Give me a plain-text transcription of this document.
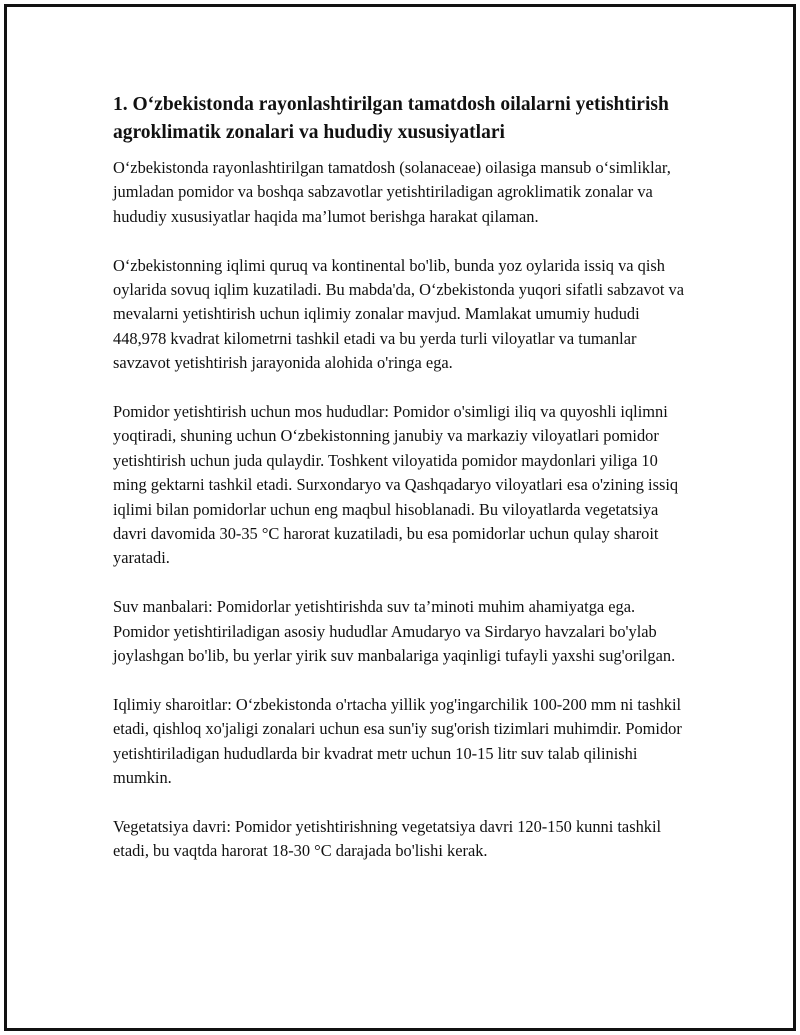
1. O‘zbekistonda rayonlashtirilgan tamatdosh oilalarni yetishtirish agroklimatik zonalari va hududiy xususiyatlari

O‘zbekistonda rayonlashtirilgan tamatdosh (solanaceae) oilasiga mansub o‘simliklar, jumladan pomidor va boshqa sabzavotlar yetishtiriladigan agroklimatik zonalar va hududiy xususiyatlar haqida ma’lumot berishga harakat qilaman.

O‘zbekistonning iqlimi quruq va kontinental bo'lib, bunda yoz oylarida issiq va qish oylarida sovuq iqlim kuzatiladi. Bu mabda'da, O‘zbekistonda yuqori sifatli sabzavot va mevalarni yetishtirish uchun iqlimiy zonalar mavjud. Mamlakat umumiy hududi 448,978 kvadrat kilometrni tashkil etadi va bu yerda turli viloyatlar va tumanlar savzavot yetishtirish jarayonida alohida o'ringa ega.

Pomidor yetishtirish uchun mos hududlar: Pomidor o'simligi iliq va quyoshli iqlimni yoqtiradi, shuning uchun O‘zbekistonning janubiy va markaziy viloyatlari pomidor yetishtirish uchun juda qulaydir. Toshkent viloyatida pomidor maydonlari yiliga 10 ming gektarni tashkil etadi. Surxondaryo va Qashqadaryo viloyatlari esa o'zining issiq iqlimi bilan pomidorlar uchun eng maqbul hisoblanadi. Bu viloyatlarda vegetatsiya davri davomida 30-35 °C harorat kuzatiladi, bu esa pomidorlar uchun qulay sharoit yaratadi.

Suv manbalari: Pomidorlar yetishtirishda suv ta’minoti muhim ahamiyatga ega. Pomidor yetishtiriladigan asosiy hududlar Amudaryo va Sirdaryo havzalari bo'ylab joylashgan bo'lib, bu yerlar yirik suv manbalariga yaqinligi tufayli yaxshi sug'orilgan.

Iqlimiy sharoitlar: O‘zbekistonda o'rtacha yillik yog'ingarchilik 100-200 mm ni tashkil etadi, qishloq xo'jaligi zonalari uchun esa sun'iy sug'orish tizimlari muhimdir. Pomidor yetishtiriladigan hududlarda bir kvadrat metr uchun 10-15 litr suv talab qilinishi mumkin.

Vegetatsiya davri: Pomidor yetishtirishning vegetatsiya davri 120-150 kunni tashkil etadi, bu vaqtda harorat 18-30 °C darajada bo'lishi kerak.
